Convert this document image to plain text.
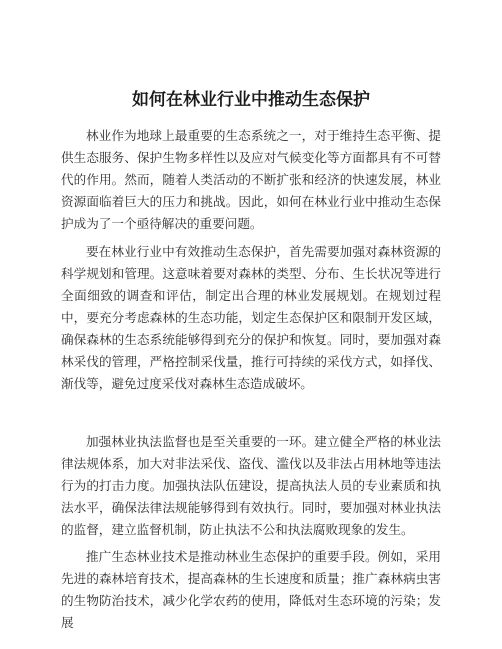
如何在林业行业中推动生态保护

林业作为地球上最重要的生态系统之一，对于维持生态平衡、提供生态服务、保护生物多样性以及应对气候变化等方面都具有不可替代的作用。然而，随着人类活动的不断扩张和经济的快速发展，林业资源面临着巨大的压力和挑战。因此，如何在林业行业中推动生态保护成为了一个亟待解决的重要问题。

要在林业行业中有效推动生态保护，首先需要加强对森林资源的科学规划和管理。这意味着要对森林的类型、分布、生长状况等进行全面细致的调查和评估，制定出合理的林业发展规划。在规划过程中，要充分考虑森林的生态功能，划定生态保护区和限制开发区域，确保森林的生态系统能够得到充分的保护和恢复。同时，要加强对森林采伐的管理，严格控制采伐量，推行可持续的采伐方式，如择伐、渐伐等，避免过度采伐对森林生态造成破坏。

加强林业执法监督也是至关重要的一环。建立健全严格的林业法律法规体系，加大对非法采伐、盗伐、滥伐以及非法占用林地等违法行为的打击力度。加强执法队伍建设，提高执法人员的专业素质和执法水平，确保法律法规能够得到有效执行。同时，要加强对林业执法的监督，建立监督机制，防止执法不公和执法腐败现象的发生。

推广生态林业技术是推动林业生态保护的重要手段。例如，采用先进的森林培育技术，提高森林的生长速度和质量；推广森林病虫害的生物防治技术，减少化学农药的使用，降低对生态环境的污染；发展
